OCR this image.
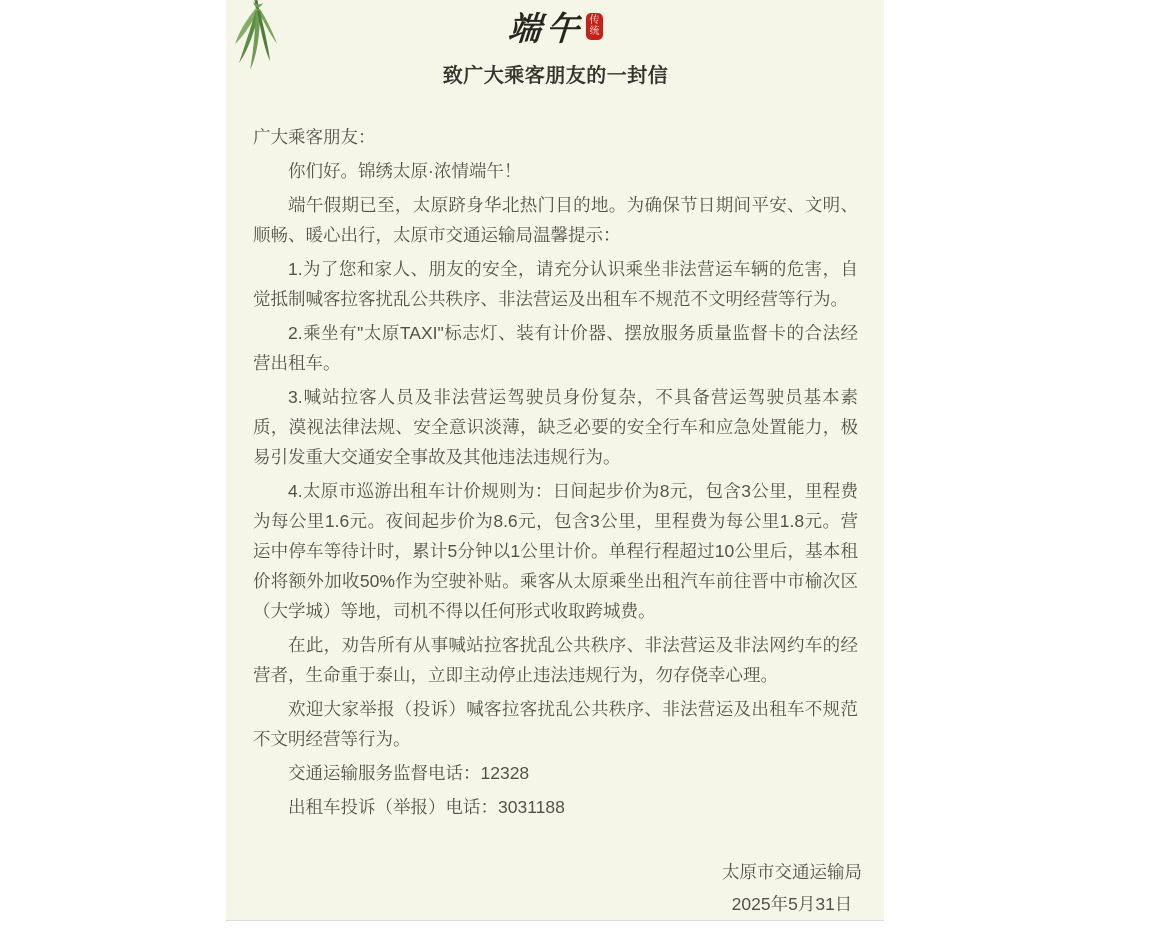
端午 传
统
致广大乘客朋友的一封信

广大乘客朋友：

你们好。锦绣太原·浓情端午！

端午假期已至，太原跻身华北热门目的地。为确保节日期间平安、文明、顺畅、暖心出行，太原市交通运输局温馨提示：

1.为了您和家人、朋友的安全，请充分认识乘坐非法营运车辆的危害，自觉抵制喊客拉客扰乱公共秩序、非法营运及出租车不规范不文明经营等行为。

2.乘坐有"太原TAXI"标志灯、装有计价器、摆放服务质量监督卡的合法经营出租车。

3.喊站拉客人员及非法营运驾驶员身份复杂，不具备营运驾驶员基本素质，漠视法律法规、安全意识淡薄，缺乏必要的安全行车和应急处置能力，极易引发重大交通安全事故及其他违法违规行为。

4.太原市巡游出租车计价规则为：日间起步价为8元，包含3公里，里程费为每公里1.6元。夜间起步价为8.6元，包含3公里，里程费为每公里1.8元。营运中停车等待计时，累计5分钟以1公里计价。单程行程超过10公里后，基本租价将额外加收50%作为空驶补贴。乘客从太原乘坐出租汽车前往晋中市榆次区（大学城）等地，司机不得以任何形式收取跨城费。

在此，劝告所有从事喊站拉客扰乱公共秩序、非法营运及非法网约车的经营者，生命重于泰山，立即主动停止违法违规行为，勿存侥幸心理。

欢迎大家举报（投诉）喊客拉客扰乱公共秩序、非法营运及出租车不规范不文明经营等行为。

交通运输服务监督电话：12328

出租车投诉（举报）电话：3031188

太原市交通运输局
2025年5月31日
